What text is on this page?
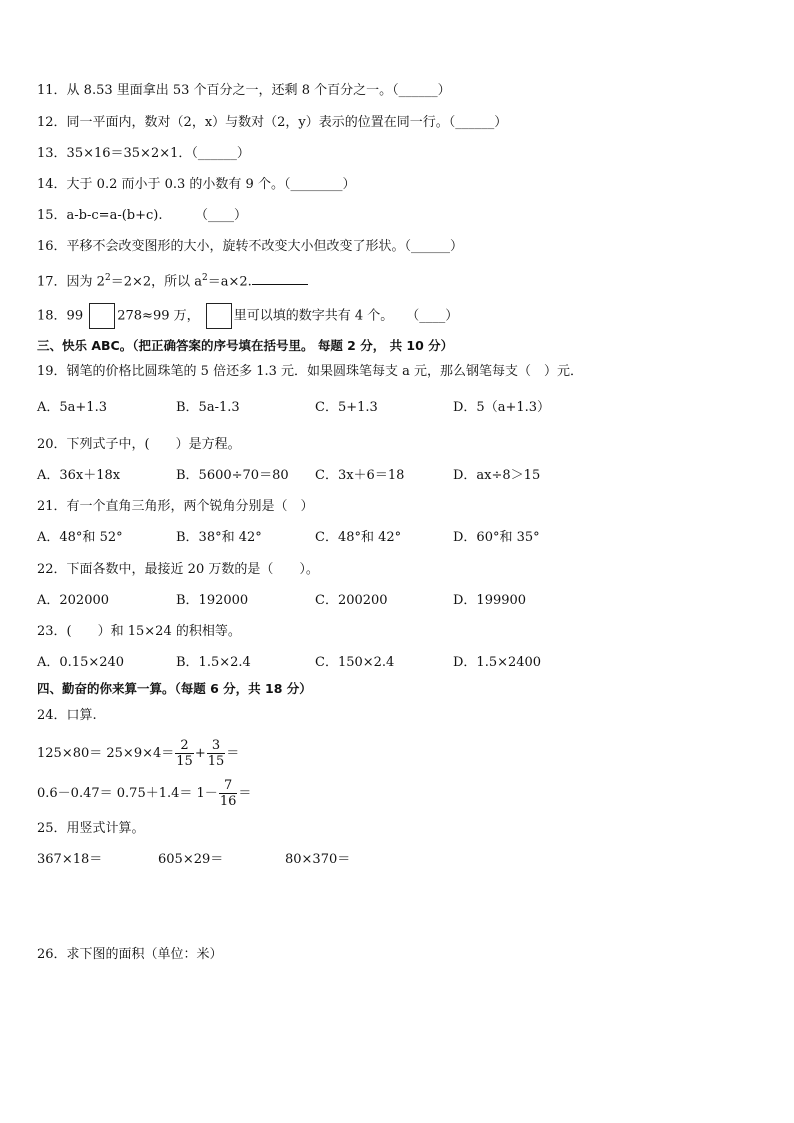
11．从 8.53 里面拿出 53 个百分之一，还剩 8 个百分之一。（______）
12．同一平面内，数对（2，x）与数对（2，y）表示的位置在同一行。（______）
13．35×16＝35×2×1．（______）
14．大于 0.2 而小于 0.3 的小数有 9 个。（________）
15．a-b-c=a-(b+c).　　　（____）
16．平移不会改变图形的大小，旋转不改变大小但改变了形状。（______）
17．因为 $2^2=2\times 2$，所以 $a^2=a\times 2$.
18．99	278≈99 万，	里可以填的数字共有 4 个。　　（____）
三、快乐 ABC。（把正确答案的序号填在括号里。 每题 2 分， 共 10 分）
19．钢笔的价格比圆珠笔的 5 倍还多 1.3 元．如果圆珠笔每支 a 元，那么钢笔每支（　）元．
A．5a+1.3	B．5a-1.3	C．5+1.3	D．5（a+1.3）
20．下列式子中，(　　）是方程。
A．36x＋18x	B．5600÷70＝80 C．3x＋6＝18	D．ax÷8＞15
21．有一个直角三角形，两个锐角分别是（　）
A．48°和 52°	B．38°和 42°	C．48°和 42°	D．60°和 35°
22．下面各数中，最接近 20 万数的是（　　）。
A．202000	B．192000	C．200200	D．199900
23．(　　）和 15×24 的积相等。
A．0.15×240	B．1.5×2.4	C．150×2.4	D．1.5×2400
四、勤奋的你来算一算。（每题 6 分，共 18 分）
24．口算.
$125\times 80= 25\times 9\times 4= \frac{2}{15} + \frac{3}{15}$ ＝
$0.6-0.47= 0.75+1.4= 1- \frac{7}{16}$ ＝
25．用竖式计算。
367×18＝	605×29＝	80×370＝
26．求下图的面积（单位：米）
